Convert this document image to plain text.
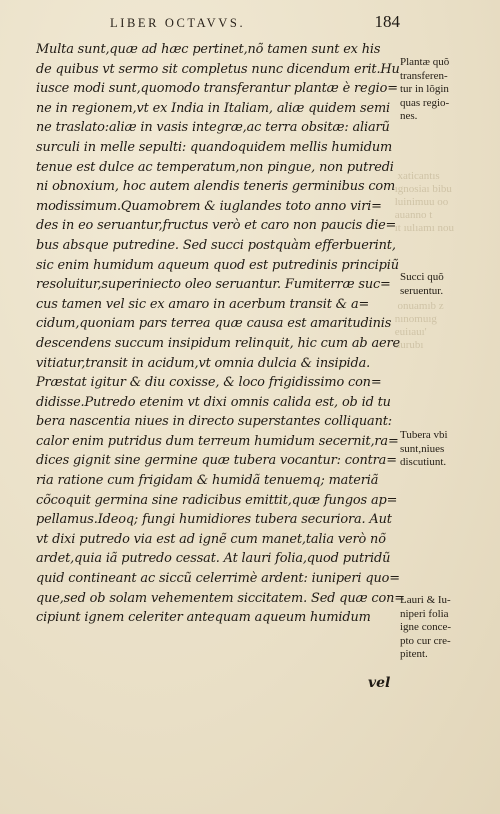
xaticantıs
ıgnosiaı bibu
luinimuu oo
auanno t
ıt ıulıamı nou
onuamıb z
nınomuıg
euiıauı'
uurubı
LIBER OCTAVVS.	184
Multa sunt,quæ ad hæc pertinet,nõ tamen sunt ex his
de quibus vt sermo sit completus nunc dicendum erit.Hu
iusce modi sunt,quomodo transferantur plantæ è regio=
ne in regionem,vt ex India in Italiam, aliæ quidem semi
ne traslato:aliæ in vasis integræ,ac terra obsitæ: aliarũ
surculi in melle sepulti: quandoquidem mellis humidum
tenue est dulce ac temperatum,non pingue, non putredi
ni obnoxium, hoc autem alendis teneris germinibus com
modissimum.Quamobrem & iuglandes toto anno viri=
des in eo seruantur,fructus verò et caro non paucis die=
bus absque putredine. Sed succi postquàm efferbuerint,
sic enim humidum aqueum quod est putredinis principiũ
resoluitur,superiniecto oleo seruantur. Fumiterræ suc=
cus tamen vel sic ex amaro in acerbum transit & a=
cidum,quoniam pars terrea quæ causa est amaritudinis
descendens succum insipidum relinquit, hic cum ab aere
vitiatur,transit in acidum,vt omnia dulcia & insipida.
Præstat igitur & diu coxisse, & loco frigidissimo con=
didisse.Putredo etenim vt dixi omnis calida est, ob id tu
bera nascentia niues in directo superstantes colliquant:
calor enim putridus dum terreum humidum secernit,ra=
dices gignit sine germine quæ tubera vocantur: contra=
ria ratione cum frigidam & humidã tenuemq; materiã
cõcoquit germina sine radicibus emittit,quæ fungos ap=
pellamus.Ideoq; fungi humidiores tubera securiora. Aut
vt dixi putredo via est ad ignẽ cum manet,talia verò nõ
ardet,quia iã putredo cessat. At lauri folia,quod putridũ
quid contineant ac siccũ celerrimè ardent: iuniperi quo=
que,sed ob solam vehementem siccitatem. Sed quæ con=
cipiunt ignem celeriter antequam aqueum humidum
vel
Plantæ quõ
transferen-
tur in lõgin
quas regio-
nes.
Succi quõ
seruentur.
Tubera vbi
sunt,niues
discutiunt.
Lauri & Iu-
niperi folia
igne conce-
pto cur cre-
pitent.
